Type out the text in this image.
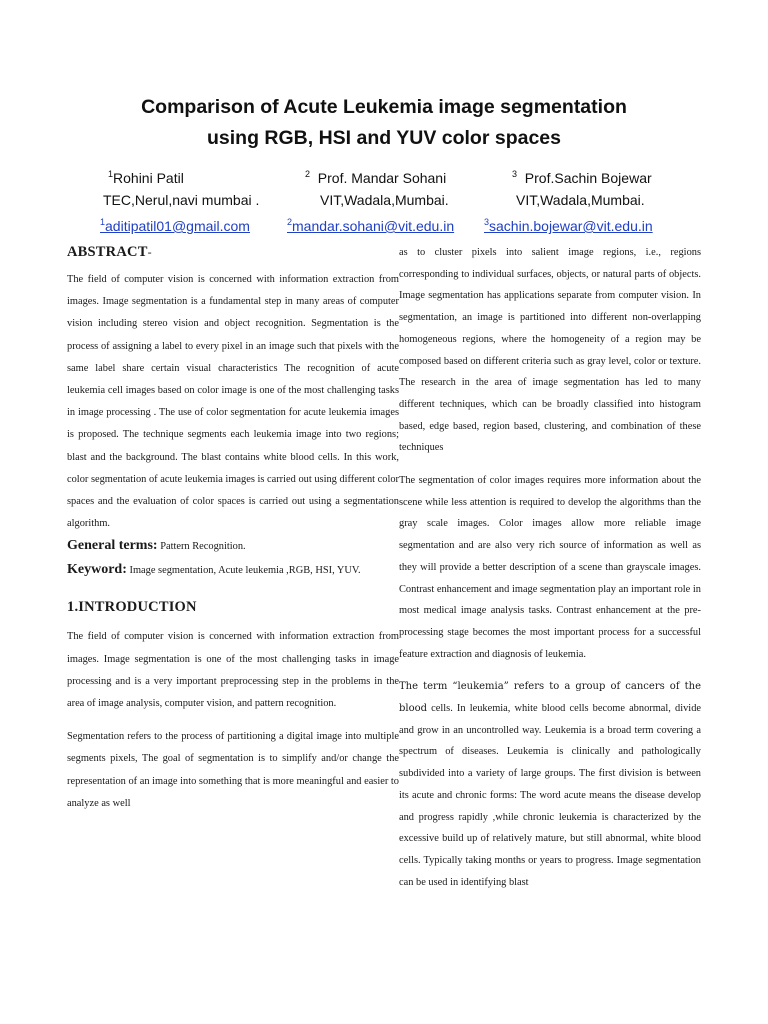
Comparison of Acute Leukemia image segmentation
using RGB, HSI and YUV color spaces
$^1$Rohini Patil
TEC,Nerul,navi mumbai .
$^1$aditipatil01@gmail.com
$^2$ Prof. Mandar Sohani
VIT,Wadala,Mumbai.
$^2$mandar.sohani@vit.edu.in
$^3$ Prof.Sachin Bojewar
VIT,Wadala,Mumbai.
$^3$sachin.bojewar@vit.edu.in
ABSTRACT-

The field of computer vision is concerned with information extraction from images. Image segmentation is a fundamental step in many areas of computer vision including stereo vision and object recognition. Segmentation is the process of assigning a label to every pixel in an image such that pixels with the same label share certain visual characteristics The recognition of acute leukemia cell images based on color image is one of the most challenging tasks in image processing . The use of color segmentation for acute leukemia images is proposed. The technique segments each leukemia image into two regions; blast and the background. The blast contains white blood cells. In this work, color segmentation of acute leukemia images is carried out using different color spaces and the evaluation of color spaces is carried out using a segmentation algorithm.

General terms: Pattern Recognition.
Keyword: Image segmentation, Acute leukemia ,RGB, HSI, YUV.
1.INTRODUCTION

The field of computer vision is concerned with information extraction from images. Image segmentation is one of the most challenging tasks in image processing and is a very important preprocessing step in the problems in the area of image analysis, computer vision, and pattern recognition.

Segmentation refers to the process of partitioning a digital image into multiple segments pixels, The goal of segmentation is to simplify and/or change the representation of an image into something that is more meaningful and easier to analyze as well

as to cluster pixels into salient image regions, i.e., regions corresponding to individual surfaces, objects, or natural parts of objects. Image segmentation has applications separate from computer vision. In segmentation, an image is partitioned into different non-overlapping homogeneous regions, where the homogeneity of a region may be composed based on different criteria such as gray level, color or texture. The research in the area of image segmentation has led to many different techniques, which can be broadly classified into histogram based, edge based, region based, clustering, and combination of these techniques

The segmentation of color images requires more information about the scene while less attention is required to develop the algorithms than the gray scale images. Color images allow more reliable image segmentation and are also very rich source of information as well as they will provide a better description of a scene than grayscale images. Contrast enhancement and image segmentation play an important role in most medical image analysis tasks. Contrast enhancement at the pre-processing stage becomes the most important process for a successful feature extraction and diagnosis of leukemia.

The term “leukemia” refers to a group of cancers of the blood cells. In leukemia, white blood cells become abnormal, divide and grow in an uncontrolled way. Leukemia is a broad term covering a spectrum of diseases. Leukemia is clinically and pathologically subdivided into a variety of large groups. The first division is between its acute and chronic forms: The word acute means the disease develop and progress rapidly ,while chronic leukemia is characterized by the excessive build up of relatively mature, but still abnormal, white blood cells. Typically taking months or years to progress. Image segmentation can be used in identifying blast
